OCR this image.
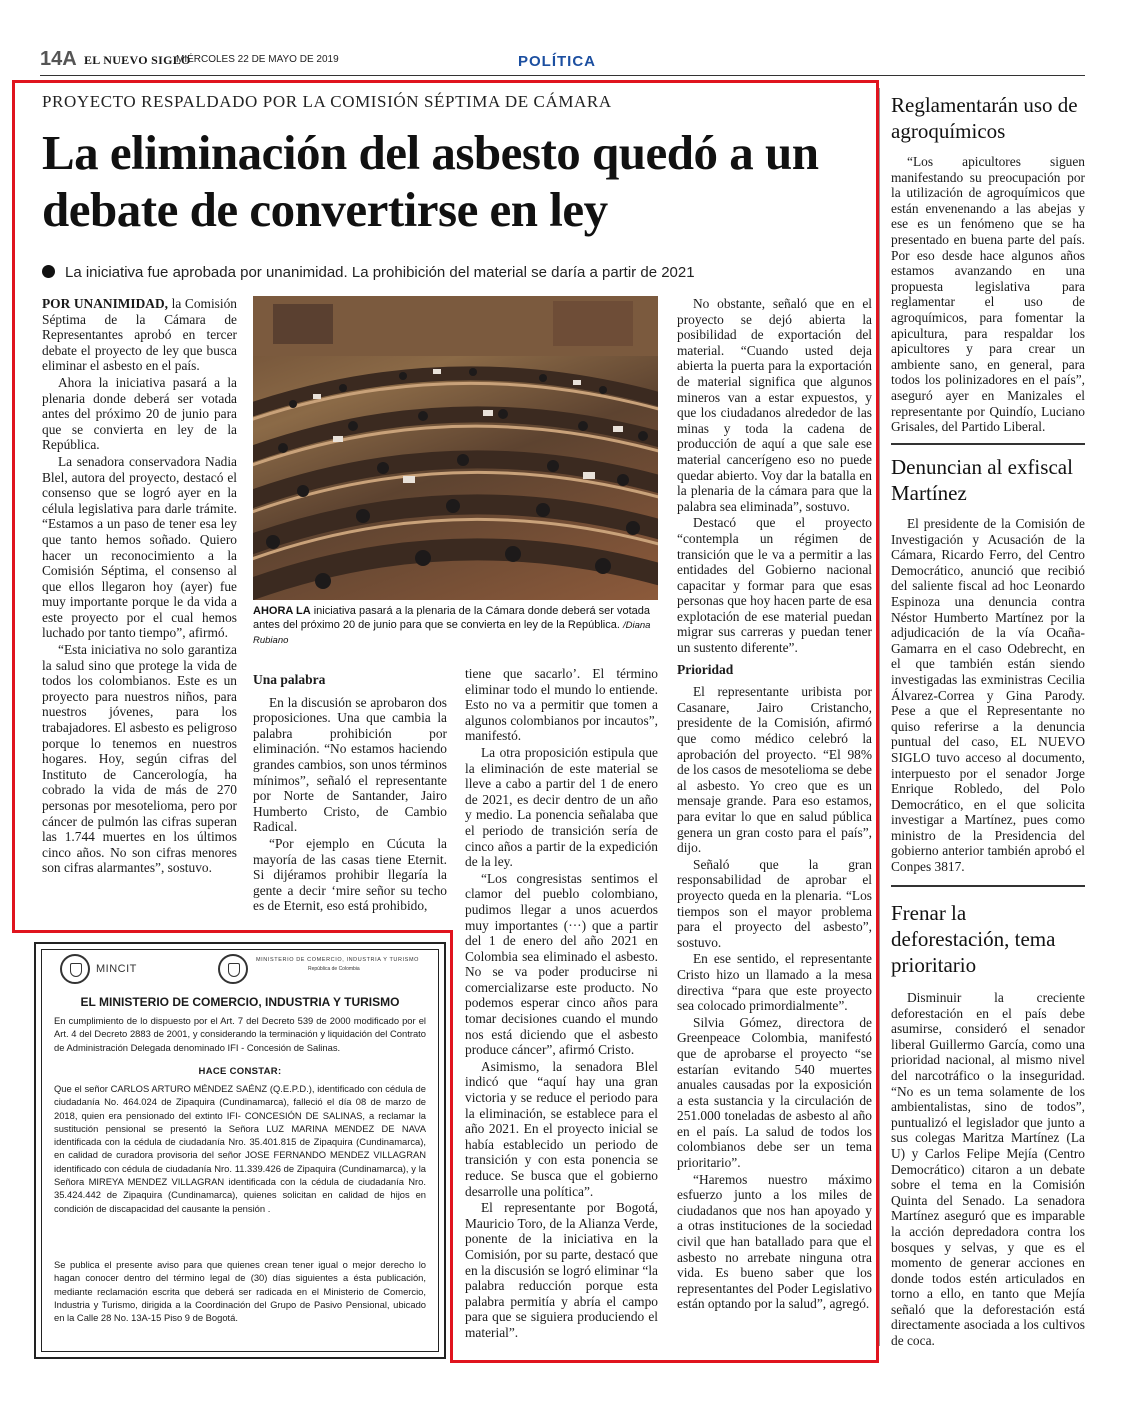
14A EL NUEVO SIGLO
MIÉRCOLES 22 DE MAYO DE 2019	POLÍTICA
PROYECTO RESPALDADO POR LA COMISIÓN SÉPTIMA DE CÁMARA
La eliminación del asbesto quedó a un debate de convertirse en ley
La iniciativa fue aprobada por unanimidad. La prohibición del material se daría a partir de 2021

POR UNANIMIDAD, la Comisión Séptima de la Cámara de Representantes aprobó en tercer debate el proyecto de ley que busca eliminar el asbesto en el país.

Ahora la iniciativa pasará a la plenaria donde deberá ser votada antes del próximo 20 de junio para que se convierta en ley de la República.

La senadora conservadora Nadia Blel, autora del proyecto, destacó el consenso que se logró ayer en la célula legislativa para darle trámite. “Estamos a un paso de tener esa ley que tanto hemos soñado. Quiero hacer un reconocimiento a la Comisión Séptima, el consenso al que ellos llegaron hoy (ayer) fue muy importante porque le da vida a este proyecto por el cual hemos luchado por tanto tiempo”, afirmó.

“Esta iniciativa no solo garantiza la salud sino que protege la vida de todos los colombianos. Este es un proyecto para nuestros niños, para nuestros jóvenes, para los trabajadores. El asbesto es peligroso porque lo tenemos en nuestros hogares. Hoy, según cifras del Instituto de Cancerología, ha cobrado la vida de más de 270 personas por mesotelioma, pero por cáncer de pulmón las cifras superan las 1.744 muertes en los últimos cinco años. No son cifras menores son cifras alarmantes”, sostuvo.

AHORA LA iniciativa pasará a la plenaria de la Cámara donde deberá ser votada antes del próximo 20 de junio para que se convierta en ley de la República. /Diana Rubiano
Una palabra

En la discusión se aprobaron dos proposiciones. Una que cambia la palabra prohibición por eliminación. “No estamos haciendo grandes cambios, son unos términos mínimos”, señaló el representante por Norte de Santander, Jairo Humberto Cristo, de Cambio Radical.

“Por ejemplo en Cúcuta la mayoría de las casas tiene Eternit. Si dijéramos prohibir llegaría la gente a decir ‘mire señor su techo es de Eternit, eso está prohibido,

tiene que sacarlo’. El término eliminar todo el mundo lo entiende. Esto no va a permitir que tomen a algunos colombianos por incautos”, manifestó.

La otra proposición estipula que la eliminación de este material se lleve a cabo a partir del 1 de enero de 2021, es decir dentro de un año y medio. La ponencia señalaba que el periodo de transición sería de cinco años a partir de la expedición de la ley.

“Los congresistas sentimos el clamor del pueblo colombiano, pudimos llegar a unos acuerdos muy importantes (···) que a partir del 1 de enero del año 2021 en Colombia sea eliminado el asbesto. No se va poder producirse ni comercializarse este producto. No podemos esperar cinco años para tomar decisiones cuando el mundo nos está diciendo que el asbesto produce cáncer”, afirmó Cristo.

Asimismo, la senadora Blel indicó que “aquí hay una gran victoria y se reduce el periodo para la eliminación, se establece para el año 2021. En el proyecto inicial se había establecido un periodo de transición y con esta ponencia se reduce. Se busca que el gobierno desarrolle una política”.

El representante por Bogotá, Mauricio Toro, de la Alianza Verde, ponente de la iniciativa en la Comisión, por su parte, destacó que en la discusión se logró eliminar “la palabra reducción porque esta palabra permitía y abría el campo para que se siguiera produciendo el material”.

No obstante, señaló que en el proyecto se dejó abierta la posibilidad de exportación del material. “Cuando usted deja abierta la puerta para la exportación de material significa que algunos mineros van a estar expuestos, y que los ciudadanos alrededor de las minas y toda la cadena de producción de aquí a que sale ese material cancerígeno eso no puede quedar abierto. Voy dar la batalla en la plenaria de la cámara para que la palabra sea eliminada”, sostuvo.

Destacó que el proyecto “contempla un régimen de transición que le va a permitir a las entidades del Gobierno nacional capacitar y formar para que esas personas que hoy hacen parte de esa explotación de ese material puedan migrar sus carreras y puedan tener un sustento diferente”.

Prioridad

El representante uribista por Casanare, Jairo Cristancho, presidente de la Comisión, afirmó que como médico celebró la aprobación del proyecto. “El 98% de los casos de mesotelioma se debe al asbesto. Yo creo que es un mensaje grande. Para eso estamos, para evitar lo que en salud pública genera un gran costo para el país”, dijo.

Señaló que la gran responsabilidad de aprobar el proyecto queda en la plenaria. “Los tiempos son el mayor problema para el proyecto del asbesto”, sostuvo.

En ese sentido, el representante Cristo hizo un llamado a la mesa directiva “para que este proyecto sea colocado primordialmente”.

Silvia Gómez, directora de Greenpeace Colombia, manifestó que de aprobarse el proyecto “se estarían evitando 540 muertes anuales causadas por la exposición a esta sustancia y la circulación de 251.000 toneladas de asbesto al año en el país. La salud de todos los colombianos debe ser un tema prioritario”.

“Haremos nuestro máximo esfuerzo junto a los miles de ciudadanos que nos han apoyado y a otras instituciones de la sociedad civil que han batallado para que el asbesto no arrebate ninguna otra vida. Es bueno saber que los representantes del Poder Legislativo están optando por la salud”, agregó.

Reglamentarán uso de agroquímicos

“Los apicultores siguen manifestando su preocupación por la utilización de agroquímicos que están envenenando a las abejas y ese es un fenómeno que se ha presentado en buena parte del país. Por eso desde hace algunos años estamos avanzando en una propuesta legislativa para reglamentar el uso de agroquímicos, para fomentar la apicultura, para respaldar los apicultores y para crear un ambiente sano, en general, para todos los polinizadores en el país”, aseguró ayer en Manizales el representante por Quindío, Luciano Grisales, del Partido Liberal.

Denuncian al exfiscal Martínez

El presidente de la Comisión de Investigación y Acusación de la Cámara, Ricardo Ferro, del Centro Democrático, anunció que recibió del saliente fiscal ad hoc Leonardo Espinoza una denuncia contra Néstor Humberto Martínez por la adjudicación de la vía Ocaña-Gamarra en el caso Odebrecht, en el que también están siendo investigadas las exministras Cecilia Álvarez-Correa y Gina Parody. Pese a que el Representante no quiso referirse a la denuncia puntual del caso, EL NUEVO SIGLO tuvo acceso al documento, interpuesto por el senador Jorge Enrique Robledo, del Polo Democrático, en el que solicita investigar a Martínez, pues como ministro de la Presidencia del gobierno anterior también aprobó el Conpes 3817.

Frenar la deforestación, tema prioritario

Disminuir la creciente deforestación en el país debe asumirse, consideró el senador liberal Guillermo García, como una prioridad nacional, al mismo nivel del narcotráfico o la inseguridad. “No es un tema solamente de los ambientalistas, sino de todos”, puntualizó el legislador que junto a sus colegas Maritza Martínez (La U) y Carlos Felipe Mejía (Centro Democrático) citaron a un debate sobre el tema en la Comisión Quinta del Senado. La senadora Martínez aseguró que es imparable la acción depredadora contra los bosques y selvas, y que es el momento de generar acciones en donde todos estén articulados en torno a ello, en tanto que Mejía señaló que la deforestación está directamente asociada a los cultivos de coca.

MINCIT
MINISTERIO DE COMERCIO, INDUSTRIA Y TURISMO
República de Colombia
EL MINISTERIO DE COMERCIO, INDUSTRIA Y TURISMO
En cumplimiento de lo dispuesto por el Art. 7 del Decreto 539 de 2000 modificado por el Art. 4 del Decreto 2883 de 2001, y considerando la terminación y liquidación del Contrato de Administración Delegada denominado IFI - Concesión de Salinas.
HACE CONSTAR:
Que el señor CARLOS ARTURO MÉNDEZ SAÉNZ (Q.E.P.D.), identificado con cédula de ciudadanía No. 464.024 de Zipaquira (Cundinamarca), falleció el día 08 de marzo de 2018, quien era pensionado del extinto IFI- CONCESIÓN DE SALINAS, a reclamar la sustitución pensional se presentó la Señora LUZ MARINA MENDEZ DE NAVA identificada con la cédula de ciudadanía Nro. 35.401.815 de Zipaquira (Cundinamarca), en calidad de curadora provisoria del señor JOSE FERNANDO MENDEZ VILLAGRAN identificado con cédula de ciudadanía Nro. 11.339.426 de Zipaquira (Cundinamarca), y la Señora MIREYA MENDEZ VILLAGRAN identificada con la cédula de ciudadanía Nro. 35.424.442 de Zipaquira (Cundinamarca), quienes solicitan en calidad de hijos en condición de discapacidad del causante la pensión .
Se publica el presente aviso para que quienes crean tener igual o mejor derecho lo hagan conocer dentro del término legal de (30) días siguientes a ésta publicación, mediante reclamación escrita que deberá ser radicada en el Ministerio de Comercio, Industria y Turismo, dirigida a la Coordinación del Grupo de Pasivo Pensional, ubicado en la Calle 28 No. 13A-15 Piso 9 de Bogotá.
